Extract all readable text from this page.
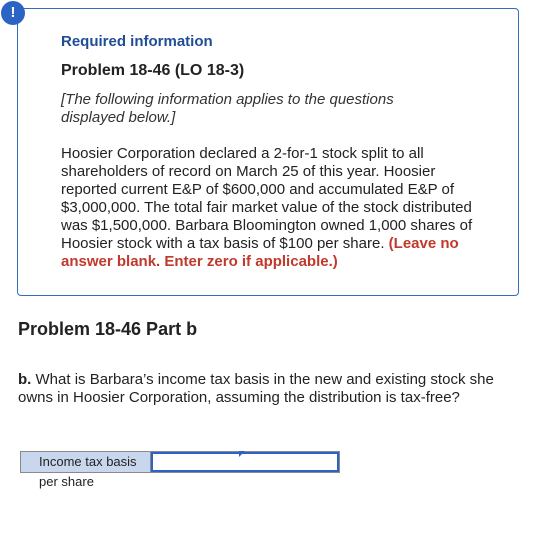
!
Required information
Problem 18-46 (LO 18-3)
[The following information applies to the questions displayed below.]
Hoosier Corporation declared a 2-for-1 stock split to all shareholders of record on March 25 of this year. Hoosier reported current E&P of $600,000 and accumulated E&P of $3,000,000. The total fair market value of the stock distributed was $1,500,000. Barbara Bloomington owned 1,000 shares of Hoosier stock with a tax basis of $100 per share. (Leave no answer blank. Enter zero if applicable.)
Problem 18-46 Part b
b. What is Barbara’s income tax basis in the new and existing stock she owns in Hoosier Corporation, assuming the distribution is tax-free?
Income tax basis per share
